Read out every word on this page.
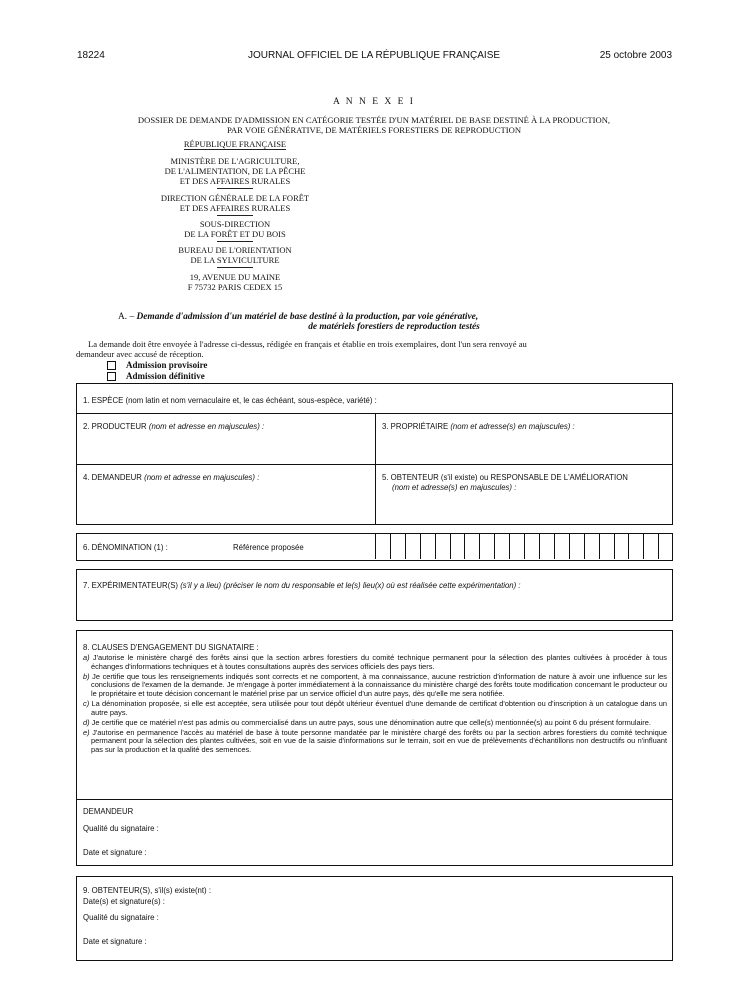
18224	JOURNAL OFFICIEL DE LA RÉPUBLIQUE FRANÇAISE	25 octobre 2003
A N N E X E I
DOSSIER DE DEMANDE D'ADMISSION EN CATÉGORIE TESTÉE D'UN MATÉRIEL DE BASE DESTINÉ À LA PRODUCTION,
PAR VOIE GÉNÉRATIVE, DE MATÉRIELS FORESTIERS DE REPRODUCTION
RÉPUBLIQUE FRANÇAISE
MINISTÈRE DE L'AGRICULTURE,
DE L'ALIMENTATION, DE LA PÊCHE
ET DES AFFAIRES RURALES
DIRECTION GÉNÉRALE DE LA FORÊT
ET DES AFFAIRES RURALES
SOUS-DIRECTION
DE LA FORÊT ET DU BOIS
BUREAU DE L'ORIENTATION
DE LA SYLVICULTURE
19, AVENUE DU MAINE
F 75732 PARIS CEDEX 15
A. – Demande d'admission d'un matériel de base destiné à la production, par voie générative,
de matériels forestiers de reproduction testés
La demande doit être envoyée à l'adresse ci-dessus, rédigée en français et établie en trois exemplaires, dont l'un sera renvoyé au
demandeur avec accusé de réception.
Admission provisoire
Admission définitive
1. ESPÈCE (nom latin et nom vernaculaire et, le cas échéant, sous-espèce, variété) :
2. PRODUCTEUR (nom et adresse en majuscules) :	3. PROPRIÉTAIRE (nom et adresse(s) en majuscules) :
4. DEMANDEUR (nom et adresse en majuscules) :	5. OBTENTEUR (s'il existe) ou RESPONSABLE DE L'AMÉLIORATION
(nom et adresse(s) en majuscules) :
6. DÉNOMINATION (1) :	Référence proposée
7. EXPÉRIMENTATEUR(S) (s'il y a lieu) (préciser le nom du responsable et le(s) lieu(x) où est réalisée cette expérimentation) :
8. CLAUSES D'ENGAGEMENT DU SIGNATAIRE :

a) J'autorise le ministère chargé des forêts ainsi que la section arbres forestiers du comité technique permanent pour la sélection des plantes cultivées à procéder à tous échanges d'informations techniques et à toutes consultations auprès des services officiels des pays tiers.

b) Je certifie que tous les renseignements indiqués sont corrects et ne comportent, à ma connaissance, aucune restriction d'information de nature à avoir une influence sur les conclusions de l'examen de la demande. Je m'engage à porter immédiatement à la connaissance du ministère chargé des forêts toute modification concernant le producteur ou le propriétaire et toute décision concernant le matériel prise par un service officiel d'un autre pays, dès qu'elle me sera notifiée.

c) La dénomination proposée, si elle est acceptée, sera utilisée pour tout dépôt ultérieur éventuel d'une demande de certificat d'obtention ou d'inscription à un catalogue dans un autre pays.

d) Je certifie que ce matériel n'est pas admis ou commercialisé dans un autre pays, sous une dénomination autre que celle(s) mentionnée(s) au point 6 du présent formulaire.

e) J'autorise en permanence l'accès au matériel de base à toute personne mandatée par le ministère chargé des forêts ou par la section arbres forestiers du comité technique permanent pour la sélection des plantes cultivées, soit en vue de la saisie d'informations sur le terrain, soit en vue de prélèvements d'échantillons non destructifs ou n'influant pas sur la production et la qualité des semences.

DEMANDEUR
Qualité du signataire :
Date et signature :
9. OBTENTEUR(S), s'il(s) existe(nt) :
Date(s) et signature(s) :
Qualité du signataire :
Date et signature :
